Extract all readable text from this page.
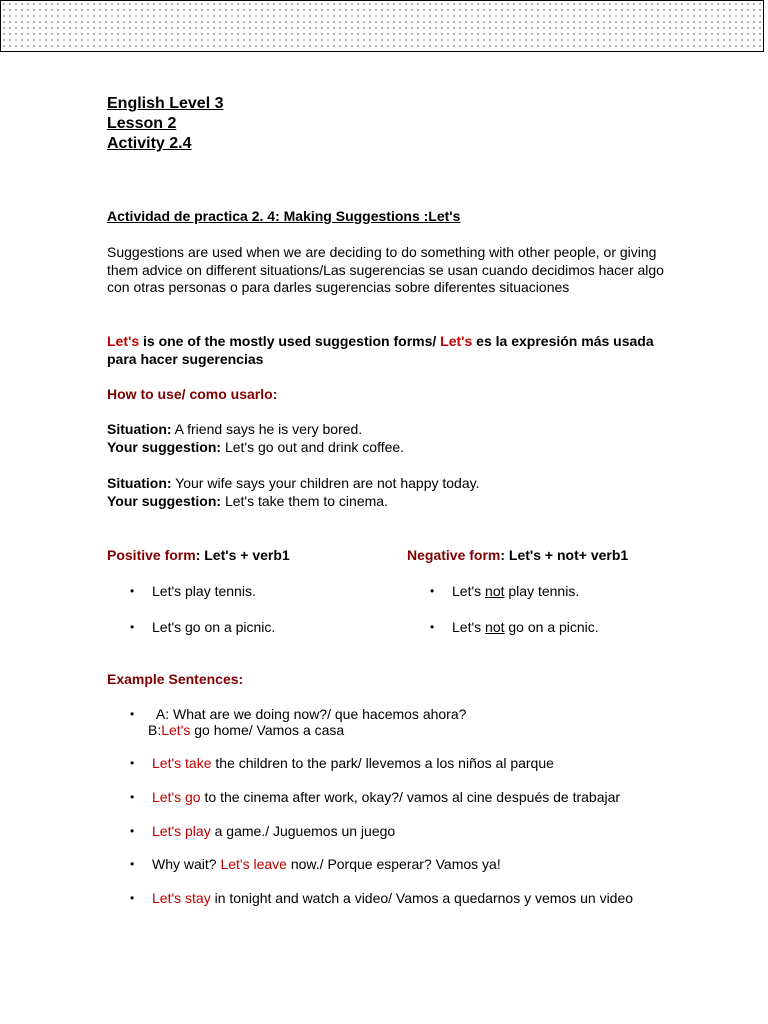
English Level 3
Lesson 2
Activity 2.4
Actividad de practica 2. 4: Making Suggestions :Let's
Suggestions are used when we are deciding to do something with other people, or giving them advice on different situations/Las sugerencias se usan cuando decidimos hacer algo con otras personas o para darles sugerencias sobre diferentes situaciones
Let's is one of the mostly used suggestion forms/ Let's es la expresión más usada para hacer sugerencias
How to use/ como usarlo:
Situation: A friend says he is very bored.
Your suggestion: Let's go out and drink coffee.
Situation: Your wife says your children are not happy today.
Your suggestion: Let's take them to cinema.
Positive form: Let's + verb1	Negative form: Let's + not+ verb1
• Let's play tennis.
• Let's go on a picnic.
• Let's not play tennis.
• Let's not go on a picnic.
Example Sentences:
• A: What are we doing now?/ que hacemos ahora?
B:Let's go home/ Vamos a casa
• Let's take the children to the park/ llevemos a los niños al parque
• Let's go to the cinema after work, okay?/ vamos al cine después de trabajar
• Let's play a game./ Juguemos un juego
• Why wait? Let's leave now./ Porque esperar? Vamos ya!
• Let's stay in tonight and watch a video/ Vamos a quedarnos y vemos un video
